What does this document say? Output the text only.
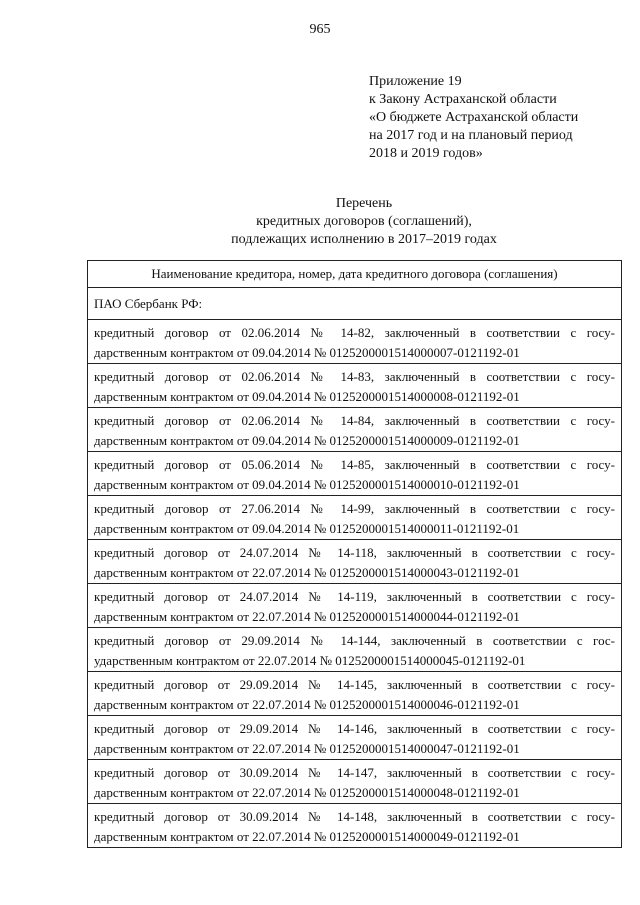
965
Приложение 19
к Закону Астраханской области
«О бюджете Астраханской области
на 2017 год и на плановый период
2018 и 2019 годов»
Перечень
кредитных договоров (соглашений),
подлежащих исполнению в 2017–2019 годах
Наименование кредитора, номер, дата кредитного договора (соглашения)
ПАО Сбербанк РФ:

кредитный договор от 02.06.2014 № 14-82, заключенный в соответствии с госу-
дарственным контрактом от 09.04.2014 № 0125200001514000007-0121192-01

кредитный договор от 02.06.2014 № 14-83, заключенный в соответствии с госу-
дарственным контрактом от 09.04.2014 № 0125200001514000008-0121192-01

кредитный договор от 02.06.2014 № 14-84, заключенный в соответствии с госу-
дарственным контрактом от 09.04.2014 № 0125200001514000009-0121192-01

кредитный договор от 05.06.2014 № 14-85, заключенный в соответствии с госу-
дарственным контрактом от 09.04.2014 № 0125200001514000010-0121192-01

кредитный договор от 27.06.2014 № 14-99, заключенный в соответствии с госу-
дарственным контрактом от 09.04.2014 № 0125200001514000011-0121192-01

кредитный договор от 24.07.2014 № 14-118, заключенный в соответствии с госу-
дарственным контрактом от 22.07.2014 № 0125200001514000043-0121192-01

кредитный договор от 24.07.2014 № 14-119, заключенный в соответствии с госу-
дарственным контрактом от 22.07.2014 № 0125200001514000044-0121192-01

кредитный договор от 29.09.2014 № 14-144, заключенный в соответствии с гос-
ударственным контрактом от 22.07.2014 № 0125200001514000045-0121192-01

кредитный договор от 29.09.2014 № 14-145, заключенный в соответствии с госу-
дарственным контрактом от 22.07.2014 № 0125200001514000046-0121192-01

кредитный договор от 29.09.2014 № 14-146, заключенный в соответствии с госу-
дарственным контрактом от 22.07.2014 № 0125200001514000047-0121192-01

кредитный договор от 30.09.2014 № 14-147, заключенный в соответствии с госу-
дарственным контрактом от 22.07.2014 № 0125200001514000048-0121192-01

кредитный договор от 30.09.2014 № 14-148, заключенный в соответствии с госу-
дарственным контрактом от 22.07.2014 № 0125200001514000049-0121192-01
